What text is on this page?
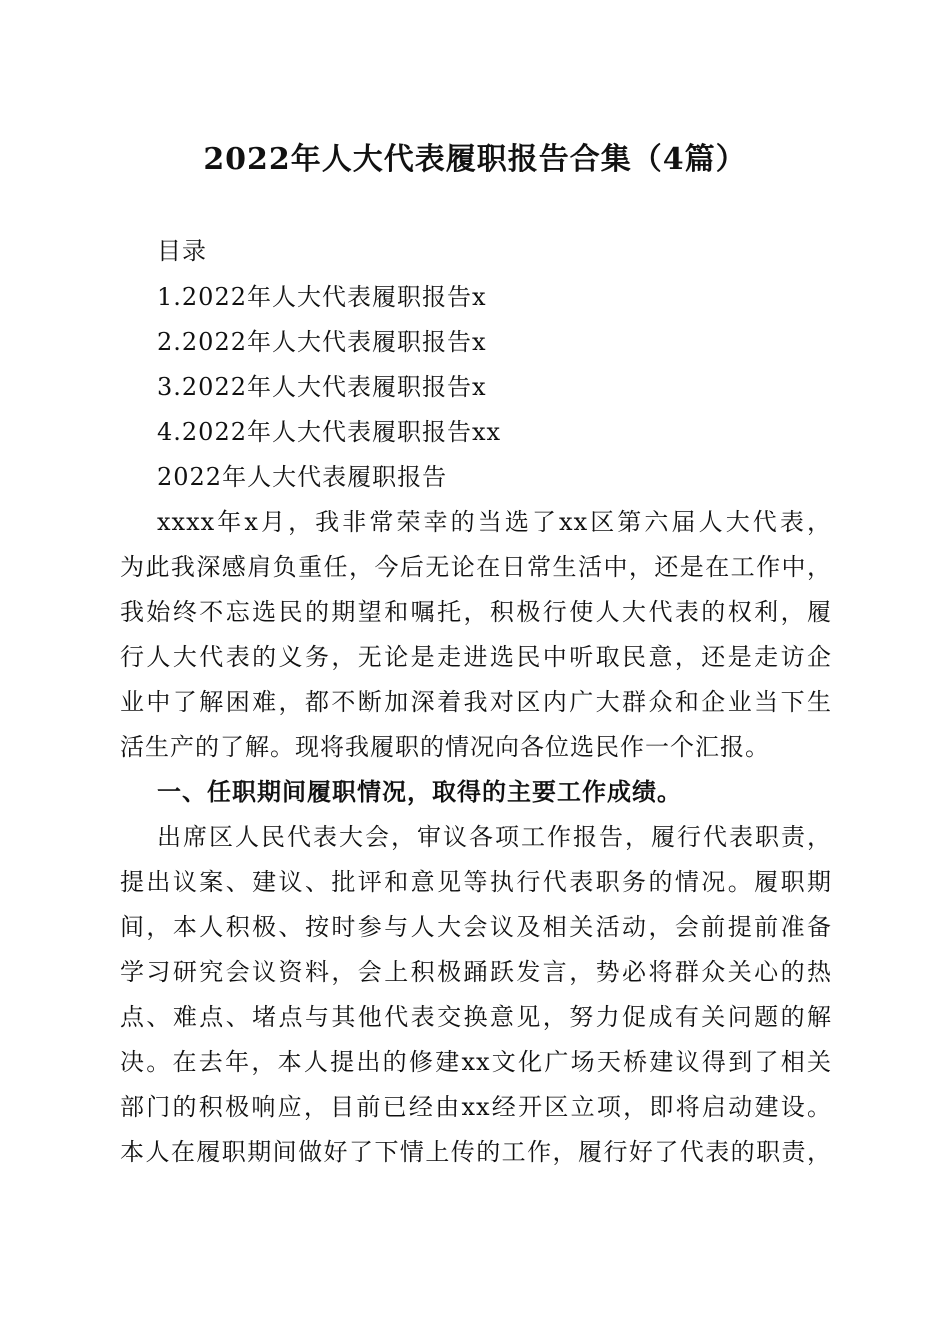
2022年人大代表履职报告合集（4篇）
目录
1.2022年人大代表履职报告x
2.2022年人大代表履职报告x
3.2022年人大代表履职报告x
4.2022年人大代表履职报告xx
2022年人大代表履职报告
xxxx年x月，我非常荣幸的当选了xx区第六届人大代表，
为此我深感肩负重任，今后无论在日常生活中，还是在工作中，
我始终不忘选民的期望和嘱托，积极行使人大代表的权利，履
行人大代表的义务，无论是走进选民中听取民意，还是走访企
业中了解困难，都不断加深着我对区内广大群众和企业当下生
活生产的了解。现将我履职的情况向各位选民作一个汇报。
一、任职期间履职情况，取得的主要工作成绩。
出席区人民代表大会，审议各项工作报告，履行代表职责，
提出议案、建议、批评和意见等执行代表职务的情况。履职期
间，本人积极、按时参与人大会议及相关活动，会前提前准备
学习研究会议资料，会上积极踊跃发言，势必将群众关心的热
点、难点、堵点与其他代表交换意见，努力促成有关问题的解
决。在去年，本人提出的修建xx文化广场天桥建议得到了相关
部门的积极响应，目前已经由xx经开区立项，即将启动建设。
本人在履职期间做好了下情上传的工作，履行好了代表的职责，
